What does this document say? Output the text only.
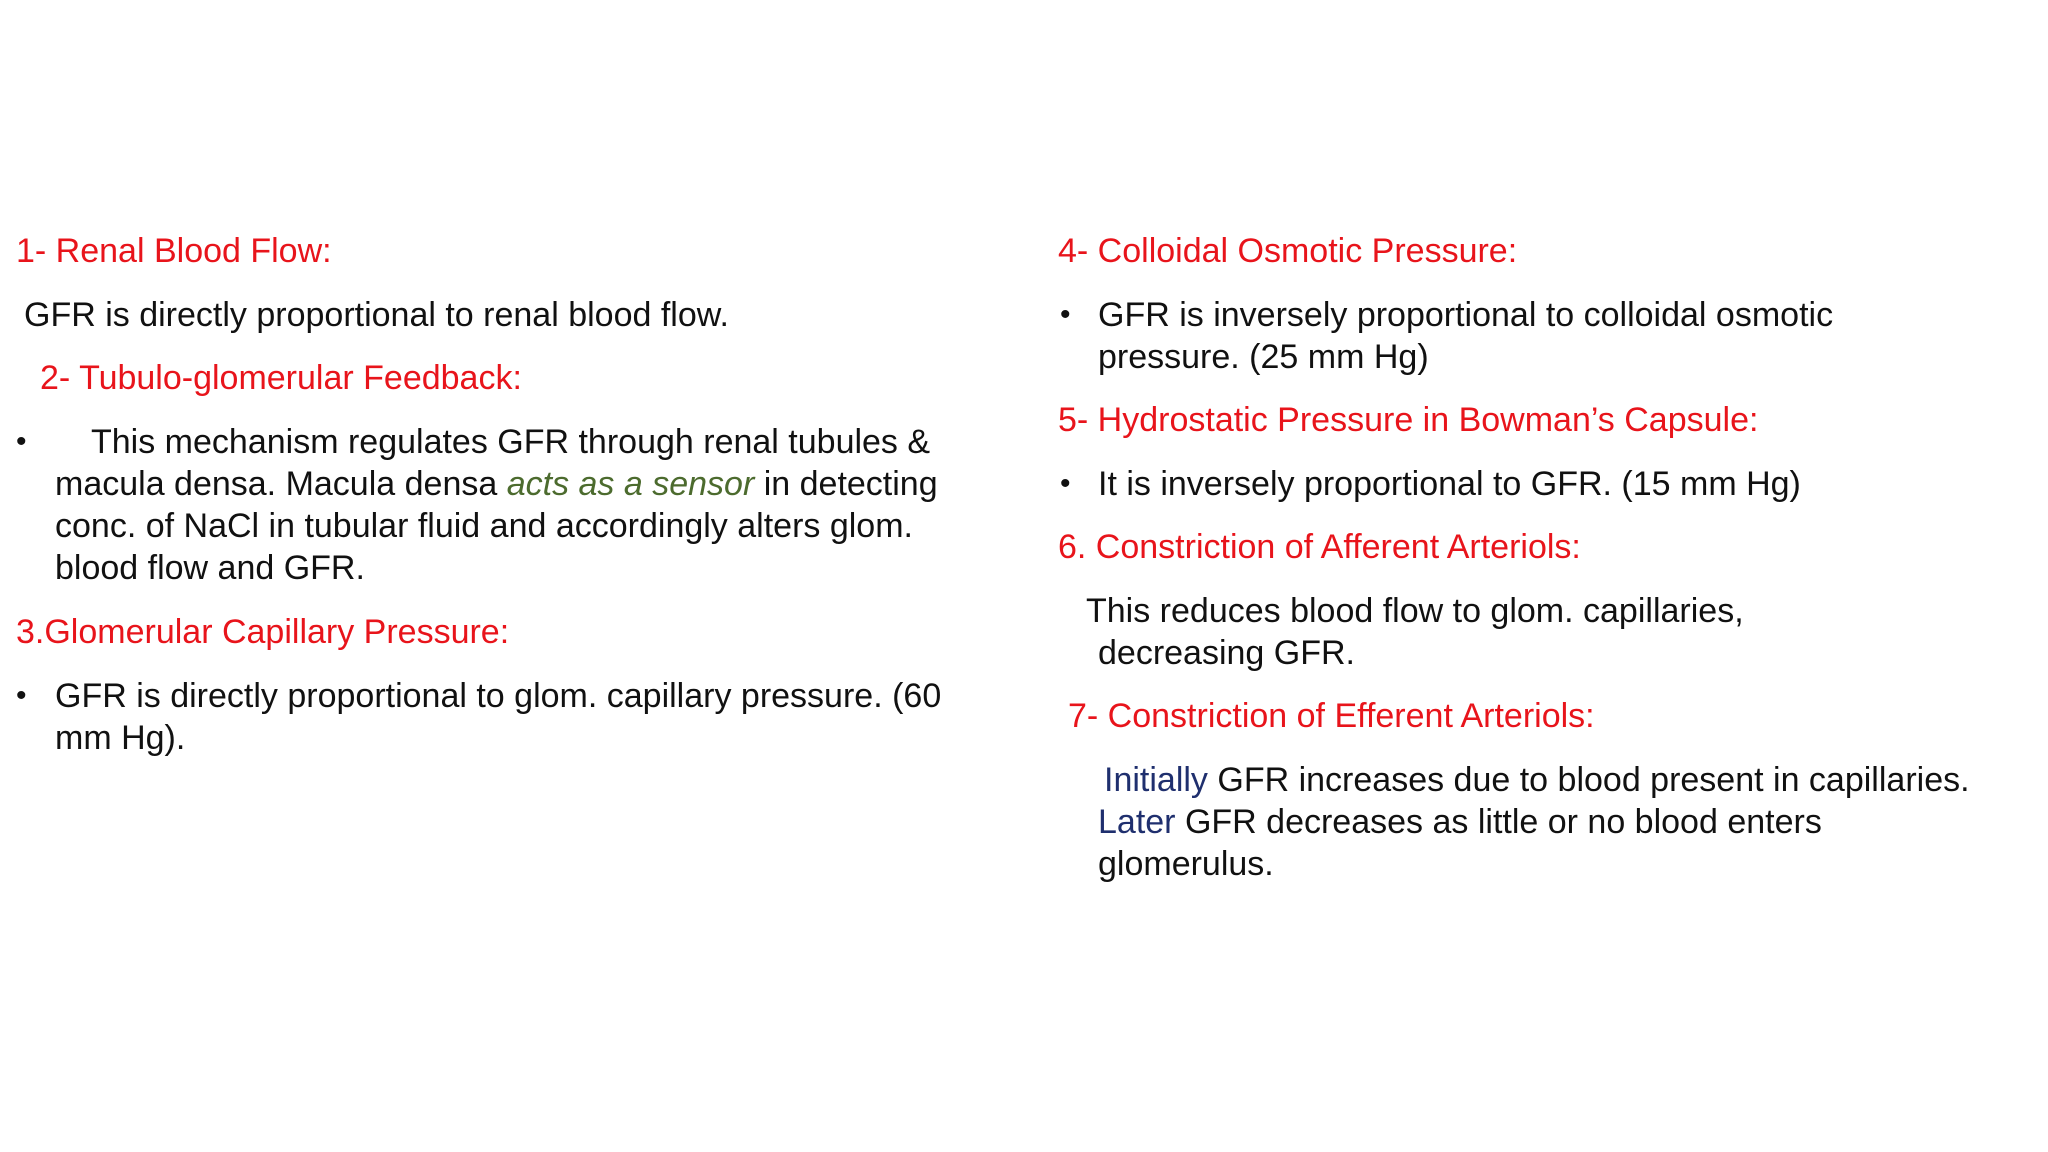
1- Renal Blood Flow:
GFR is directly proportional to renal blood flow.
2- Tubulo-glomerular Feedback:
•	This mechanism regulates GFR through renal tubules & macula densa. Macula densa acts as a sensor in detecting conc. of NaCl in tubular fluid and accordingly alters glom. blood flow and GFR.
3.Glomerular Capillary Pressure:
• GFR is directly proportional to glom. capillary pressure. (60 mm Hg).
4- Colloidal Osmotic Pressure:
• GFR is inversely proportional to colloidal osmotic pressure. (25 mm Hg)
5- Hydrostatic Pressure in Bowman’s Capsule:
• It is inversely proportional to GFR. (15 mm Hg)
6. Constriction of Afferent Arteriols:
This reduces blood flow to glom. capillaries, decreasing GFR.
7- Constriction of Efferent Arteriols:
Initially GFR increases due to blood present in capillaries. Later GFR decreases as little or no blood enters glomerulus.
